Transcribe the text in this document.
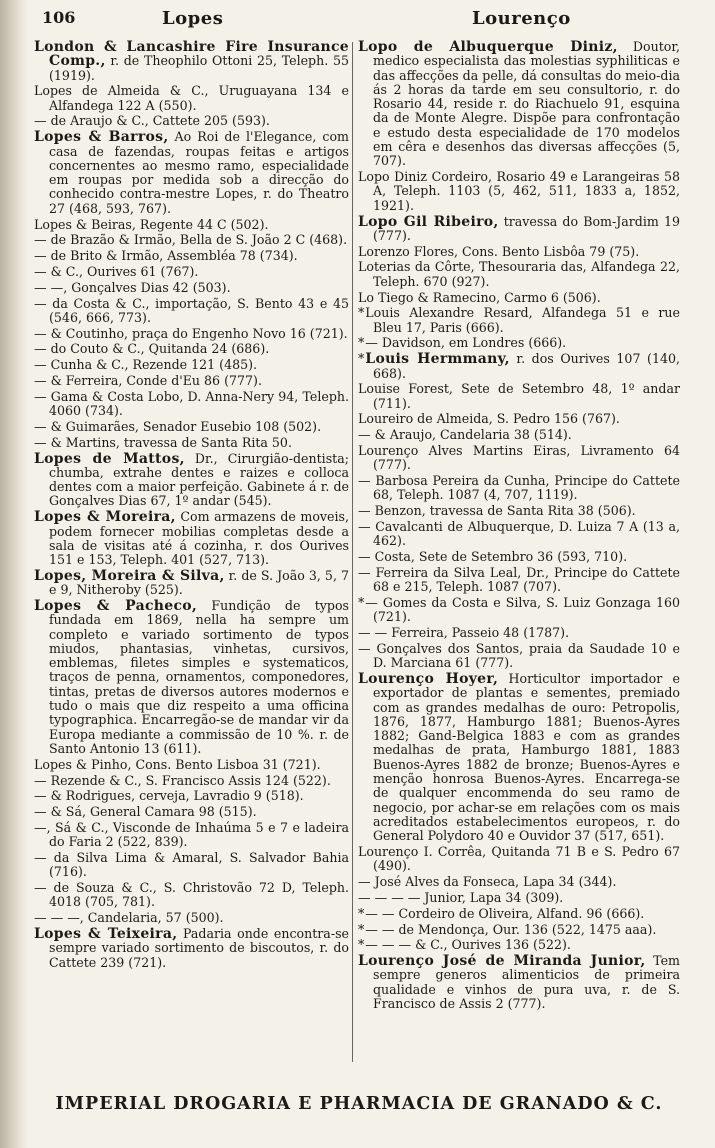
106	Lopes	Lourenço

London & Lancashire Fire Insurance Comp., r. de Theophilo Ottoni 25, Teleph. 55 (1919).

Lopes de Almeida & C., Uruguayana 134 e Alfandega 122 A (550).

— de Araujo & C., Cattete 205 (593).

Lopes & Barros, Ao Roi de l'Elegance, com casa de fazendas, roupas feitas e artigos concernentes ao mesmo ramo, especialidade em roupas por medida sob a direcção do conhecido contra-mestre Lopes, r. do Theatro 27 (468, 593, 767).

Lopes & Beiras, Regente 44 C (502).

— de Brazão & Irmão, Bella de S. João 2 C (468).

— de Brito & Irmão, Assembléa 78 (734).

— & C., Ourives 61 (767).

— —, Gonçalves Dias 42 (503).

— da Costa & C., importação, S. Bento 43 e 45 (546, 666, 773).

— & Coutinho, praça do Engenho Novo 16 (721).

— do Couto & C., Quitanda 24 (686).

— Cunha & C., Rezende 121 (485).

— & Ferreira, Conde d'Eu 86 (777).

— Gama & Costa Lobo, D. Anna-Nery 94, Teleph. 4060 (734).

— & Guimarães, Senador Eusebio 108 (502).

— & Martins, travessa de Santa Rita 50.

Lopes de Mattos, Dr., Cirurgião-dentista; chumba, extrahe dentes e raizes e colloca dentes com a maior perfeição. Gabinete á r. de Gonçalves Dias 67, 1º andar (545).

Lopes & Moreira, Com armazens de moveis, podem fornecer mobilias completas desde a sala de visitas até á cozinha, r. dos Ourives 151 e 153, Teleph. 401 (527, 713).

Lopes, Moreira & Silva, r. de S. João 3, 5, 7 e 9, Nitheroby (525).

Lopes & Pacheco, Fundição de typos fundada em 1869, nella ha sempre um completo e variado sortimento de typos miudos, phantasias, vinhetas, cursivos, emblemas, filetes simples e systematicos, traços de penna, ornamentos, componedores, tintas, pretas de diversos autores modernos e tudo o mais que diz respeito a uma officina typographica. Encarregão-se de mandar vir da Europa mediante a commissão de 10 %. r. de Santo Antonio 13 (611).

Lopes & Pinho, Cons. Bento Lisboa 31 (721).

— Rezende & C., S. Francisco Assis 124 (522).

— & Rodrigues, cerveja, Lavradio 9 (518).

— & Sá, General Camara 98 (515).

—, Sá & C., Visconde de Inhaúma 5 e 7 e ladeira do Faria 2 (522, 839).

— da Silva Lima & Amaral, S. Salvador Bahia (716).

— de Souza & C., S. Christovão 72 D, Teleph. 4018 (705, 781).

— — —, Candelaria, 57 (500).

Lopes & Teixeira, Padaria onde encontra-se sempre variado sortimento de biscoutos, r. do Cattete 239 (721).

Lopo de Albuquerque Diniz, Doutor, medico especialista das molestias syphiliticas e das affecções da pelle, dá consultas do meio-dia ás 2 horas da tarde em seu consultorio, r. do Rosario 44, reside r. do Riachuelo 91, esquina da de Monte Alegre. Dispõe para confrontação e estudo desta especialidade de 170 modelos em cêra e desenhos das diversas affecções (5, 707).

Lopo Diniz Cordeiro, Rosario 49 e Larangeiras 58 A, Teleph. 1103 (5, 462, 511, 1833 a, 1852, 1921).

Lopo Gil Ribeiro, travessa do Bom-Jardim 19 (777).

Lorenzo Flores, Cons. Bento Lisbôa 79 (75).

Loterias da Côrte, Thesouraria das, Alfandega 22, Teleph. 670 (927).

Lo Tiego & Ramecino, Carmo 6 (506).

*Louis Alexandre Resard, Alfandega 51 e rue Bleu 17, Paris (666).

*— Davidson, em Londres (666).

*Louis Hermmany, r. dos Ourives 107 (140, 668).

Louise Forest, Sete de Setembro 48, 1º andar (711).

Loureiro de Almeida, S. Pedro 156 (767).

— & Araujo, Candelaria 38 (514).

Lourenço Alves Martins Eiras, Livramento 64 (777).

— Barbosa Pereira da Cunha, Principe do Cattete 68, Teleph. 1087 (4, 707, 1119).

— Benzon, travessa de Santa Rita 38 (506).

— Cavalcanti de Albuquerque, D. Luiza 7 A (13 a, 462).

— Costa, Sete de Setembro 36 (593, 710).

— Ferreira da Silva Leal, Dr., Principe do Cattete 68 e 215, Teleph. 1087 (707).

*— Gomes da Costa e Silva, S. Luiz Gonzaga 160 (721).

— — Ferreira, Passeio 48 (1787).

— Gonçalves dos Santos, praia da Saudade 10 e D. Marciana 61 (777).

Lourenço Hoyer, Horticultor importador e exportador de plantas e sementes, premiado com as grandes medalhas de ouro: Petropolis, 1876, 1877, Hamburgo 1881; Buenos-Ayres 1882; Gand-Belgica 1883 e com as grandes medalhas de prata, Hamburgo 1881, 1883 Buenos-Ayres 1882 de bronze; Buenos-Ayres e menção honrosa Buenos-Ayres. Encarrega-se de qualquer encommenda do seu ramo de negocio, por achar-se em relações com os mais acreditados estabelecimentos europeos, r. do General Polydoro 40 e Ouvidor 37 (517, 651).

Lourenço I. Corrêa, Quitanda 71 B e S. Pedro 67 (490).

— José Alves da Fonseca, Lapa 34 (344).

— — — — Junior, Lapa 34 (309).

*— — Cordeiro de Oliveira, Alfand. 96 (666).

*— — de Mendonça, Our. 136 (522, 1475 aaa).

*— — — & C., Ourives 136 (522).

Lourenço José de Miranda Junior, Tem sempre generos alimenticios de primeira qualidade e vinhos de pura uva, r. de S. Francisco de Assis 2 (777).

IMPERIAL DROGARIA E PHARMACIA DE GRANADO & C.
